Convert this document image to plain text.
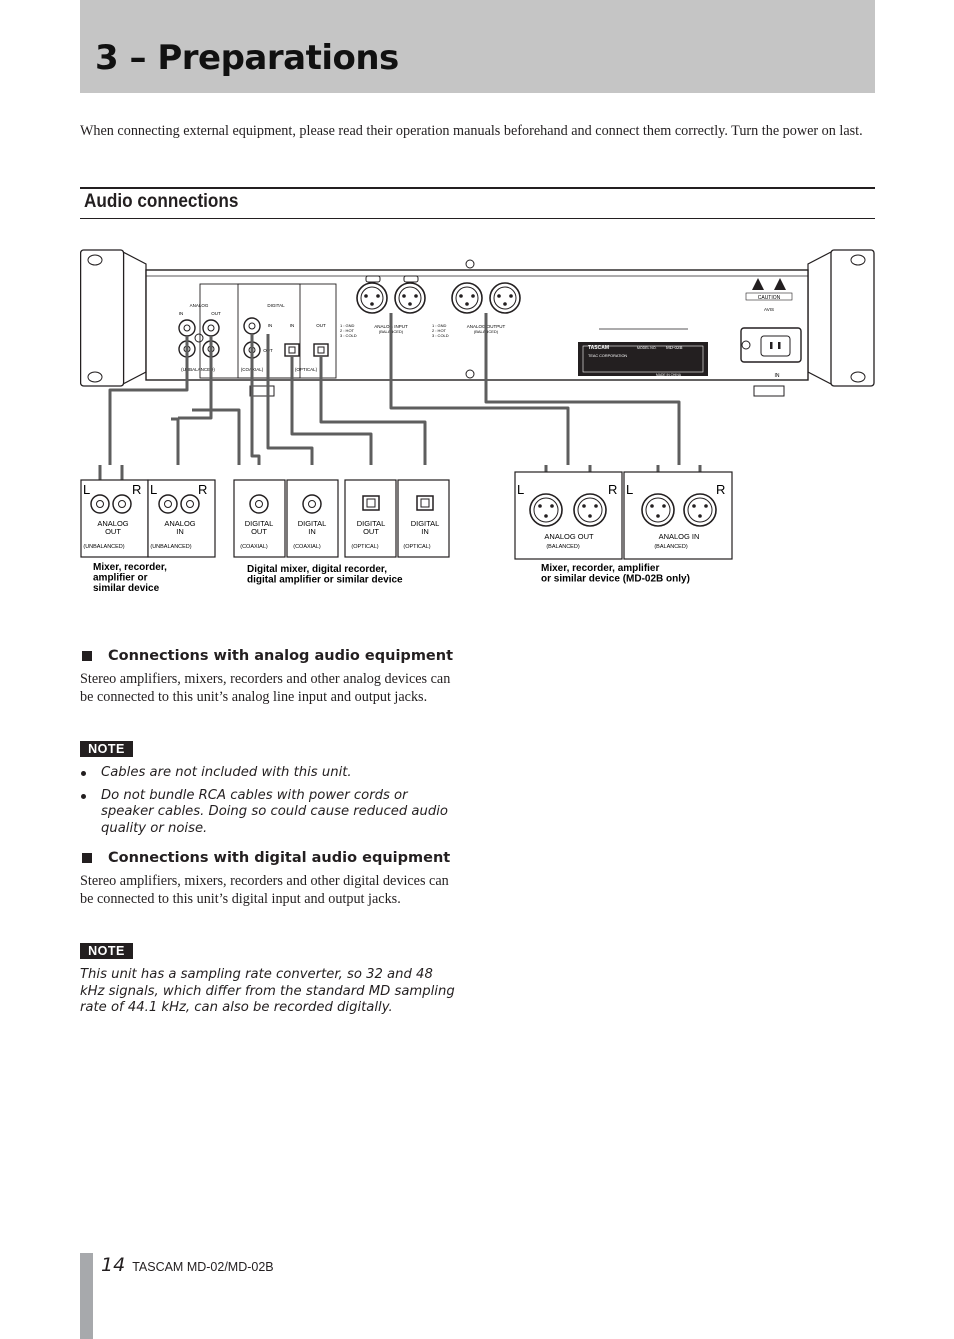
3 – Preparations
When connecting external equipment, please read their operation manuals beforehand and connect them correctly. Turn the power on last.
Audio connections
ANALOG
IN	OUT
(UNBALANCED)
DIGITAL
IN
OUT
(COAXIAL)
IN	OUT
(OPTICAL)
1 : GND 2 : HOT 3 : COLD
1 : GND 2 : HOT 3 : COLD
ANALOG INPUT
(BALANCED)
ANALOG OUTPUT
(BALANCED)
TASCAM	MODEL NO. MD-02B
TEAC CORPORATION
MADE IN CHINA	IN
CAUTION
AVIS
L	R L	R	L	R L	R
ANALOG OUT
ANALOG IN
DIGITAL OUT
DIGITAL IN
DIGITAL OUT
DIGITAL IN
ANALOG OUT	ANALOG IN
(UNBALANCED)	(UNBALANCED)	(COAXIAL)	(COAXIAL)	(OPTICAL)	(OPTICAL)	(BALANCED)	(BALANCED)
Mixer, recorder, amplifier or similar device
Digital mixer, digital recorder, digital amplifier or similar device
Mixer, recorder, amplifier or similar device (MD-02B only)
Connections with analog audio equipment
Stereo amplifiers, mixers, recorders and other analog devices can be connected to this unit’s analog line input and output jacks.
NOTE
Cables are not included with this unit.
Do not bundle RCA cables with power cords or speaker cables. Doing so could cause reduced audio quality or noise.
Connections with digital audio equipment
Stereo amplifiers, mixers, recorders and other digital devices can be connected to this unit’s digital input and output jacks.
NOTE
This unit has a sampling rate converter, so 32 and 48 kHz signals, which differ from the standard MD sampling rate of 44.1 kHz, can also be recorded digitally.
14 TASCAM MD-02/MD-02B
